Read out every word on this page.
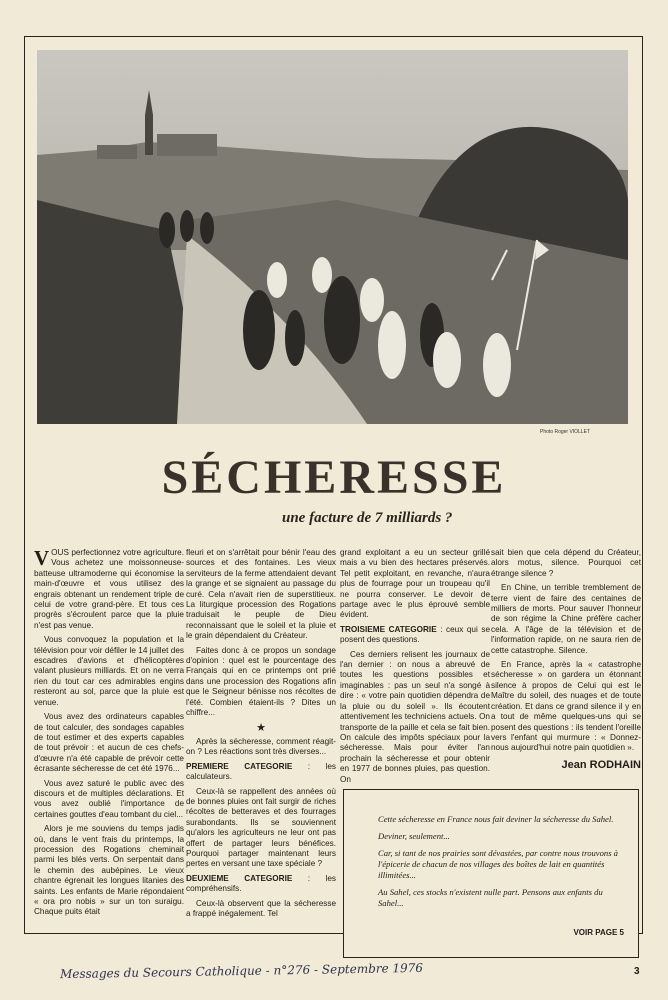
Photo Roger VIOLLET
SÉCHERESSE
une facture de 7 milliards ?

VOUS perfectionnez votre agriculture. Vous achetez une moissonneuse-batteuse ultramoderne qui économise la main-d'œuvre et vous utilisez des engrais obtenant un rendement triple de celui de votre grand-père. Et tous ces progrès s'écroulent parce que la pluie n'est pas venue.

Vous convoquez la population et la télévision pour voir défiler le 14 juillet des escadres d'avions et d'hélicoptères valant plusieurs milliards. Et on ne verra rien du tout car ces admirables engins resteront au sol, parce que la pluie est venue.

Vous avez des ordinateurs capables de tout calculer, des sondages capables de tout estimer et des experts capables de tout prévoir : et aucun de ces chefs-d'œuvre n'a été capable de prévoir cette écrasante sécheresse de cet été 1976...

Vous avez saturé le public avec des discours et de multiples déclarations. Et vous avez oublié l'importance de certaines gouttes d'eau tombant du ciel...

Alors je me souviens du temps jadis où, dans le vent frais du printemps, la procession des Rogations cheminait parmi les blés verts. On serpentait dans le chemin des aubépines. Le vieux chantre égrenait les longues litanies des saints. Les enfants de Marie répondaient « ora pro nobis » sur un ton suraigu. Chaque puits était

fleuri et on s'arrêtait pour bénir l'eau des sources et des fontaines. Les vieux serviteurs de la ferme attendaient devant la grange et se signaient au passage du curé. Cela n'avait rien de superstitieux. La liturgique procession des Rogations traduisait le peuple de Dieu reconnaissant que le soleil et la pluie et le grain dépendaient du Créateur.

Faites donc à ce propos un sondage d'opinion : quel est le pourcentage des Français qui en ce printemps ont prié dans une procession des Rogations afin que le Seigneur bénisse nos récoltes de l'été. Combien étaient-ils ? Dites un chiffre...

★

Après la sécheresse, comment réagit-on ? Les réactions sont très diverses...

PREMIERE CATEGORIE : les calculateurs.

Ceux-là se rappellent des années où de bonnes pluies ont fait surgir de riches récoltes de betteraves et des fourrages surabondants. Ils se souviennent qu'alors les agriculteurs ne leur ont pas offert de partager leurs bénéfices. Pourquoi partager maintenant leurs pertes en versant une taxe spéciale ?

DEUXIEME CATEGORIE : les compréhensifs.

Ceux-là observent que la sécheresse a frappé inégalement. Tel

grand exploitant a eu un secteur grillé mais a vu bien des hectares préservés. Tel petit exploitant, en revanche, n'aura plus de fourrage pour un troupeau qu'il ne pourra conserver. Le devoir de partage avec le plus éprouvé semble évident.

TROISIEME CATEGORIE : ceux qui se posent des questions.

Ces derniers relisent les journaux de l'an dernier : on nous a abreuvé de toutes les questions possibles et imaginables : pas un seul n'a songé à dire : « votre pain quotidien dépendra de la pluie ou du soleil ». Ils écoutent attentivement les techniciens actuels. On transporte de la paille et cela se fait bien. On calcule des impôts spéciaux pour la sécheresse. Mais pour éviter l'an prochain la sécheresse et pour obtenir en 1977 de bonnes pluies, pas question. On

sait bien que cela dépend du Créateur, alors motus, silence. Pourquoi cet étrange silence ?

En Chine, un terrible tremblement de terre vient de faire des centaines de milliers de morts. Pour sauver l'honneur de son régime la Chine préfère cacher cela. A l'âge de la télévision et de l'information rapide, on ne saura rien de cette catastrophe. Silence.

En France, après la « catastrophe sécheresse » on gardera un étonnant silence à propos de Celui qui est le Maître du soleil, des nuages et de toute création. Et dans ce grand silence il y en a tout de même quelques-uns qui se posent des questions : ils tendent l'oreille vers l'enfant qui murmure : « Donnez-nous aujourd'hui notre pain quotidien ».

Jean RODHAIN

Cette sécheresse en France nous fait deviner la sécheresse du Sahel.

Deviner, seulement...

Car, si tant de nos prairies sont dévastées, par contre nous trouvons à l'épicerie de chacun de nos villages des boîtes de lait en quantités illimitées...

Au Sahel, ces stocks n'existent nulle part. Pensons aux enfants du Sahel...

VOIR PAGE 5
Messages du Secours Catholique - n°276 - Septembre 1976	3
